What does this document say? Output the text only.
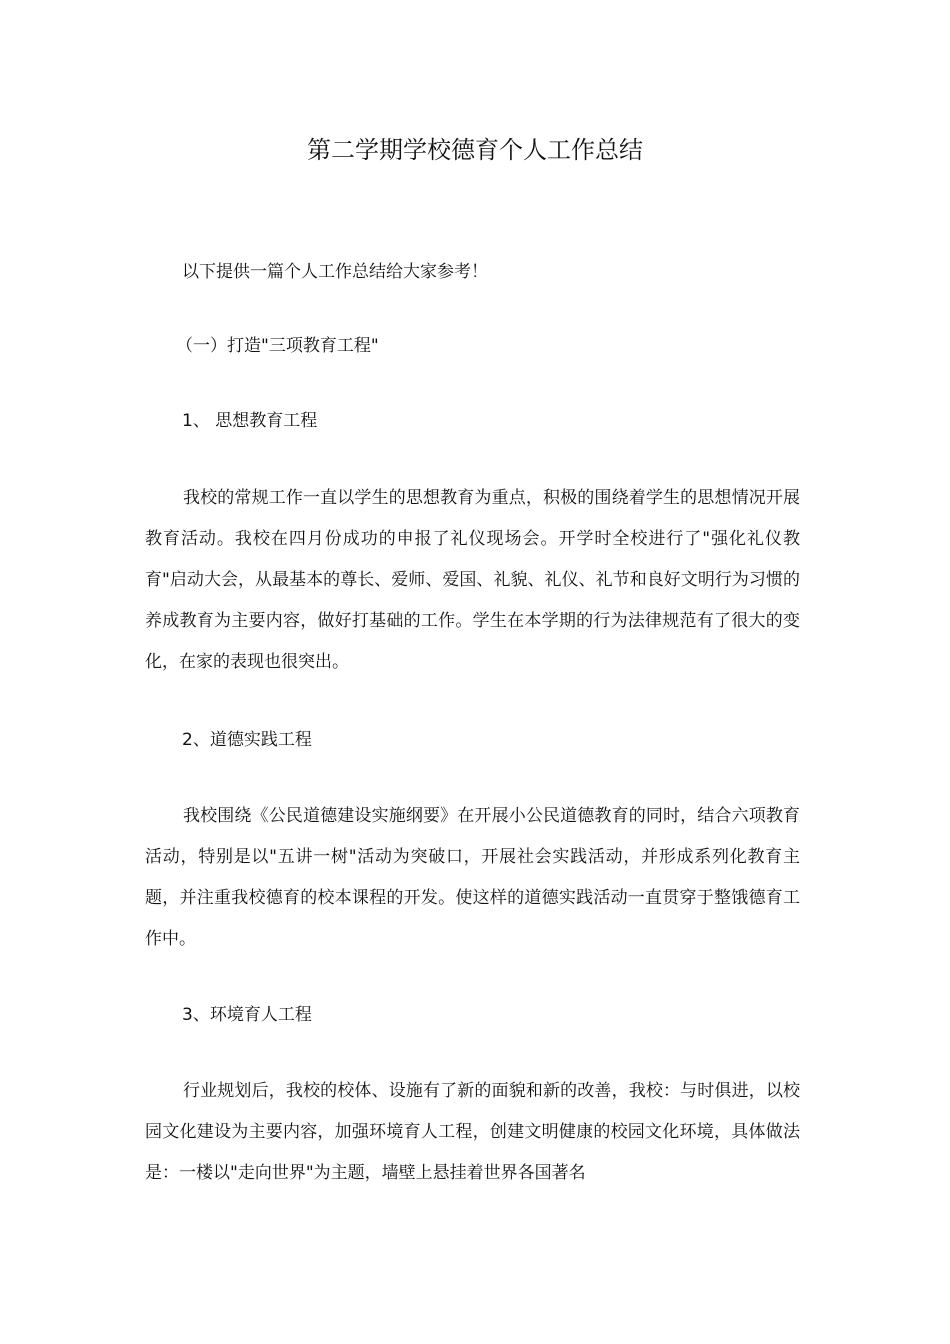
第二学期学校德育个人工作总结

以下提供一篇个人工作总结给大家参考！

（一）打造"三项教育工程"

1、 思想教育工程

我校的常规工作一直以学生的思想教育为重点，积极的围绕着学生的思想情况开展教育活动。我校在四月份成功的申报了礼仪现场会。开学时全校进行了"强化礼仪教育"启动大会，从最基本的尊长、爱师、爱国、礼貌、礼仪、礼节和良好文明行为习惯的养成教育为主要内容，做好打基础的工作。学生在本学期的行为法律规范有了很大的变化，在家的表现也很突出。

2、道德实践工程

我校围绕《公民道德建设实施纲要》在开展小公民道德教育的同时，结合六项教育活动，特别是以"五讲一树"活动为突破口，开展社会实践活动，并形成系列化教育主题，并注重我校德育的校本课程的开发。使这样的道德实践活动一直贯穿于整饿德育工作中。

3、环境育人工程

行业规划后，我校的校体、设施有了新的面貌和新的改善，我校：与时俱进，以校园文化建设为主要内容，加强环境育人工程，创建文明健康的校园文化环境，具体做法是：一楼以"走向世界"为主题，墙壁上悬挂着世界各国著名
